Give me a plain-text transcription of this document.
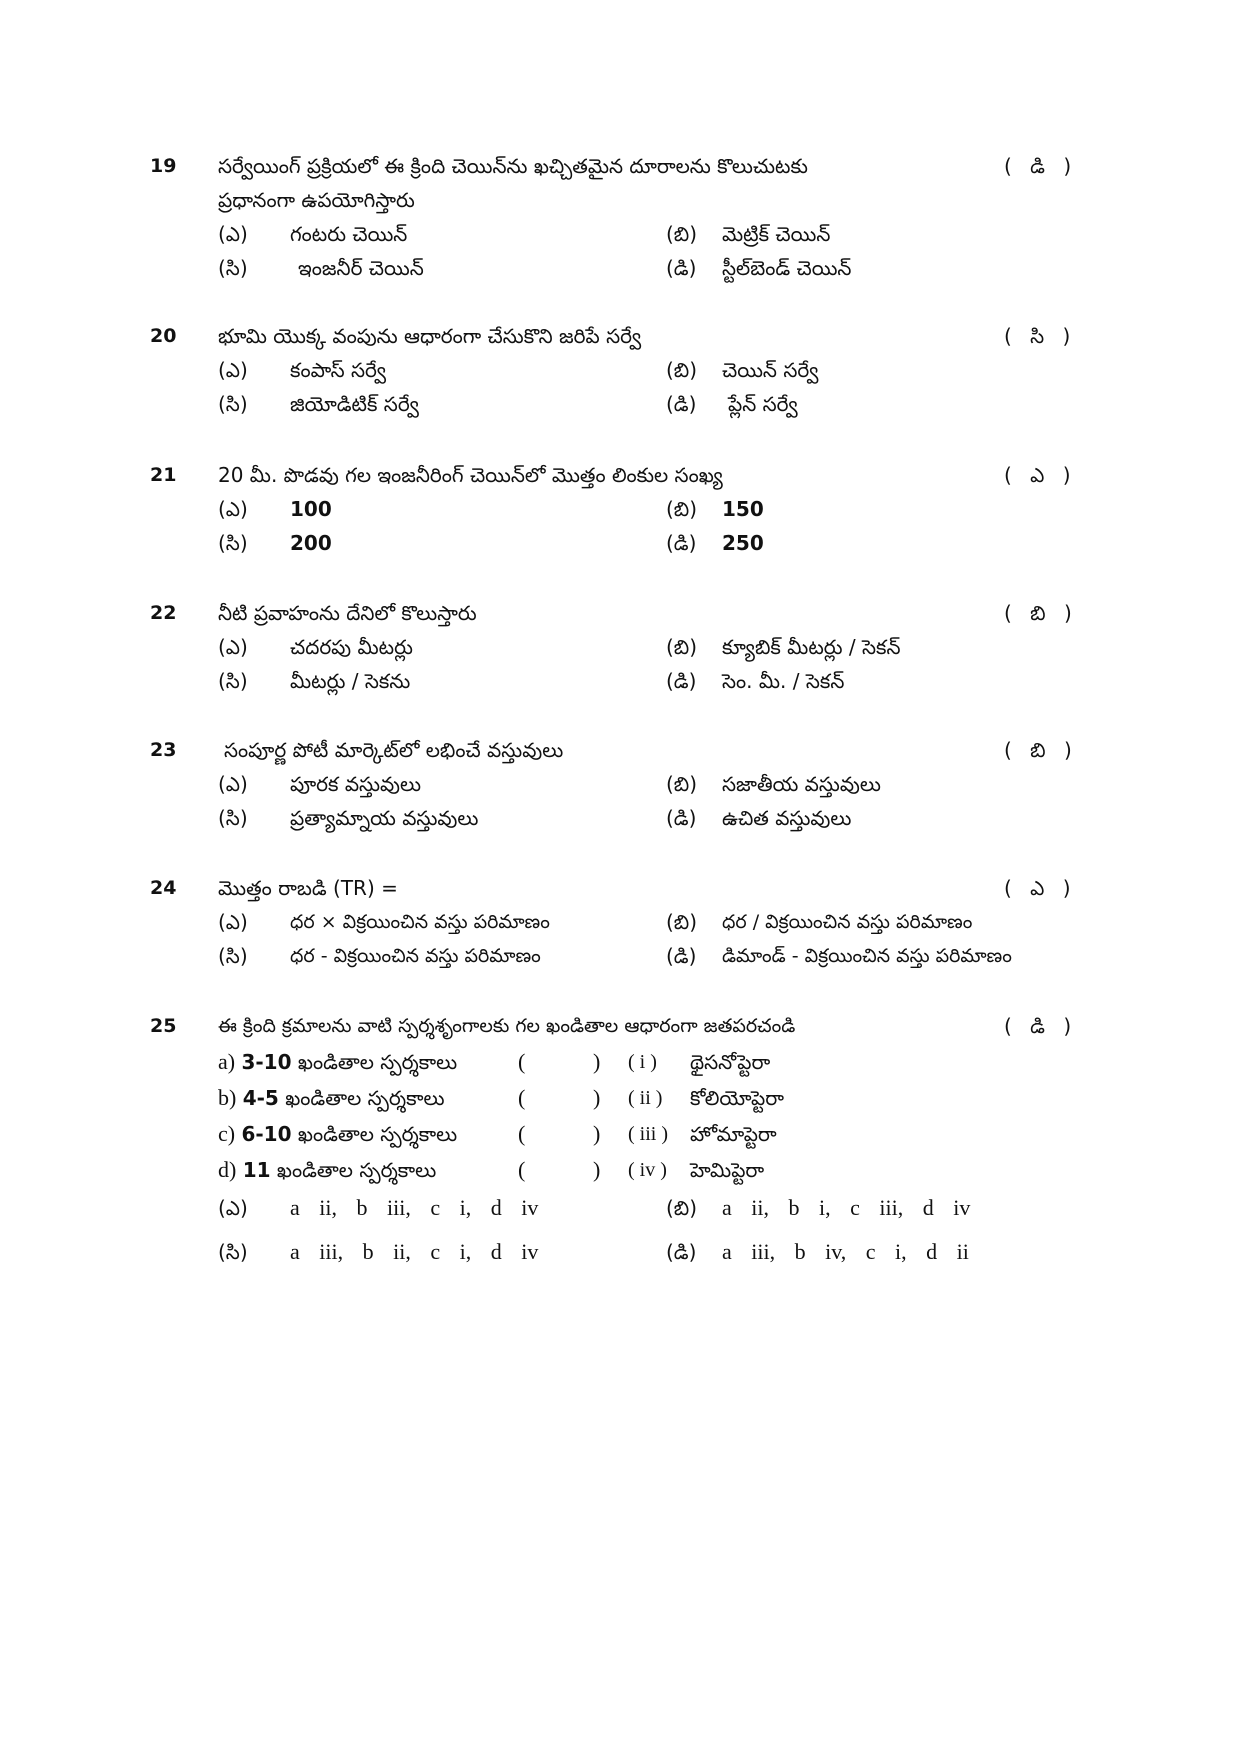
19 సర్వేయింగ్ ప్రక్రియలో ఈ క్రింది చెయిన్‌ను ఖచ్చితమైన దూరాలను కొలుచుటకు	( డి )
ప్రధానంగా ఉపయోగిస్తారు
(ఎ) గంటరు చెయిన్	(బి) మెట్రిక్ చెయిన్
(సి)	ఇంజనీర్ చెయిన్	(డి) స్టీల్‌బెండ్ చెయిన్
20 భూమి యొక్క వంపును ఆధారంగా చేసుకొని జరిపే సర్వే	( సి )
(ఎ) కంపాస్ సర్వే	(బి) చెయిన్ సర్వే
(సి) జియోడిటిక్ సర్వే	(డి) ప్లేన్ సర్వే
21 20 మీ. పొడవు గల ఇంజనీరింగ్ చెయిన్‌లో మొత్తం లింకుల సంఖ్య	( ఎ )
(ఎ) 100	(బి) 150
(సి) 200	(డి) 250
22 నీటి ప్రవాహంను దేనిలో కొలుస్తారు	( బి )
(ఎ) చదరపు మీటర్లు	(బి) క్యూబిక్ మీటర్లు / సెకన్
(సి) మీటర్లు / సెకను	(డి) సెం. మీ. / సెకన్
23 సంపూర్ణ పోటీ మార్కెట్‌లో లభించే వస్తువులు	( బి )
(ఎ) పూరక వస్తువులు	(బి) సజాతీయ వస్తువులు
(సి) ప్రత్యామ్నాయ వస్తువులు	(డి) ఉచిత వస్తువులు
24 మొత్తం రాబడి (TR) =	( ఎ )
(ఎ) ధర × విక్రయించిన వస్తు పరిమాణం	(బి) ధర / విక్రయించిన వస్తు పరిమాణం
(సి) ధర - విక్రయించిన వస్తు పరిమాణం	(డి) డిమాండ్ - విక్రయించిన వస్తు పరిమాణం
25 ఈ క్రింది క్రమాలను వాటి స్పర్శశృంగాలకు గల ఖండితాల ఆధారంగా జతపరచండి	( డి )
a) 3-10 ఖండితాల స్పర్శకాలు	(	) ( i ) థైసనోప్టెరా
b) 4-5 ఖండితాల స్పర్శకాలు	(	) ( ii ) కోలియోప్టెరా
c) 6-10 ఖండితాల స్పర్శకాలు	(	) ( iii ) హోమాప్టెరా
d) 11 ఖండితాల స్పర్శకాలు	(	) ( iv ) హెమిప్టెరా
(ఎ) a ii, b iii, c i, d iv	(బి) a ii, b i, c iii, d iv
(సి) a iii, b ii, c i, d iv	(డి) a iii, b iv, c i, d ii
